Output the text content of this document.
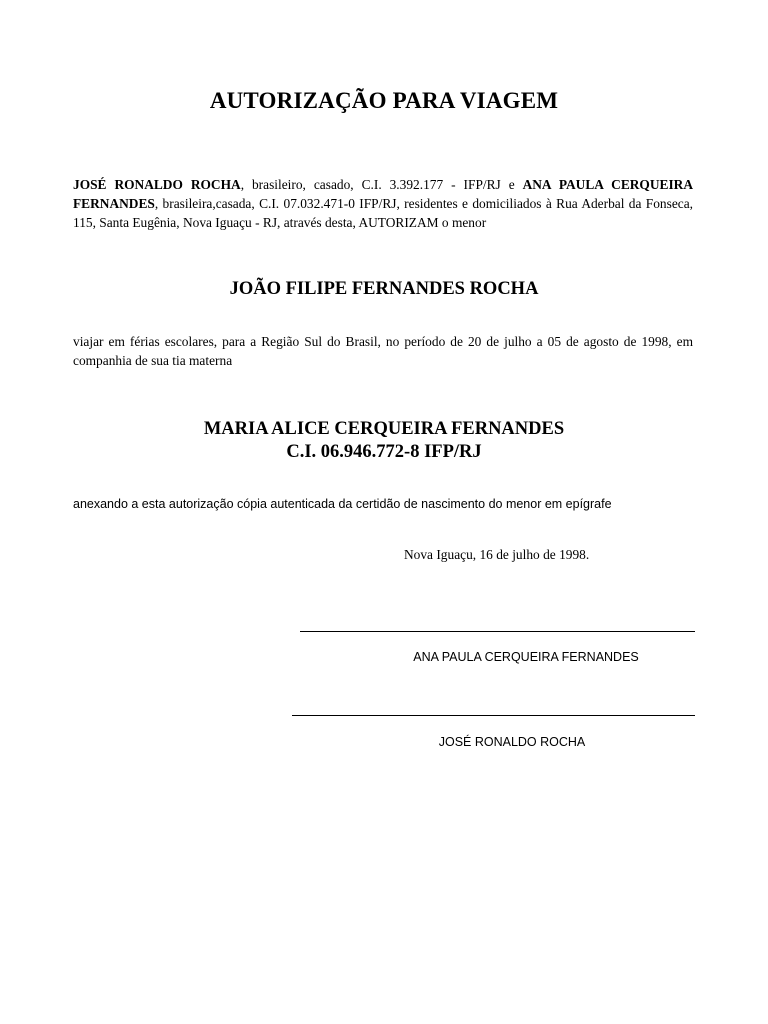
AUTORIZAÇÃO PARA VIAGEM
JOSÉ RONALDO ROCHA, brasileiro, casado, C.I. 3.392.177 - IFP/RJ e ANA PAULA CERQUEIRA FERNANDES, brasileira,casada, C.I. 07.032.471-0 IFP/RJ, residentes e domiciliados à Rua Aderbal da Fonseca, 115, Santa Eugênia, Nova Iguaçu - RJ, através desta, AUTORIZAM o menor
JOÃO FILIPE FERNANDES ROCHA
viajar em férias escolares, para a Região Sul do Brasil, no período de 20 de julho a 05 de agosto de 1998, em companhia de sua tia materna
MARIA ALICE CERQUEIRA FERNANDES
C.I. 06.946.772-8 IFP/RJ
anexando a esta autorização cópia autenticada da certidão de nascimento do menor em epígrafe
Nova Iguaçu, 16 de julho de 1998.
ANA PAULA CERQUEIRA FERNANDES
JOSÉ RONALDO ROCHA
